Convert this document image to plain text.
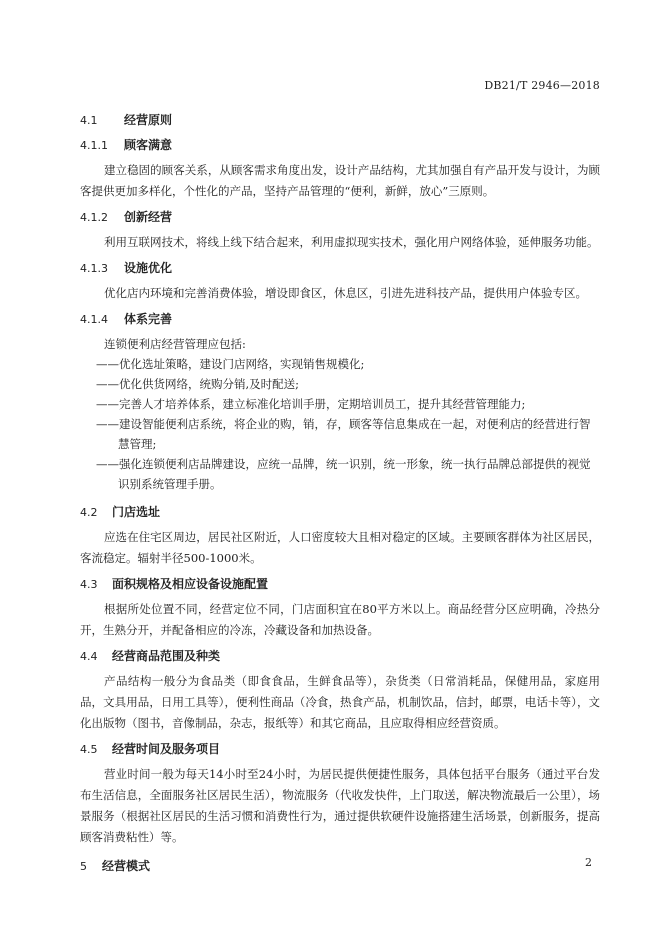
DB21/T 2946—2018

4.1 经营原则

4.1.1 顾客满意

建立稳固的顾客关系，从顾客需求角度出发，设计产品结构，尤其加强自有产品开发与设计，为顾客提供更加多样化，个性化的产品，坚持产品管理的“便利，新鲜，放心”三原则。

4.1.2 创新经营

利用互联网技术，将线上线下结合起来，利用虚拟现实技术，强化用户网络体验，延伸服务功能。

4.1.3 设施优化

优化店内环境和完善消费体验，增设即食区，休息区，引进先进科技产品，提供用户体验专区。

4.1.4 体系完善

连锁便利店经营管理应包括:
——优化选址策略，建设门店网络，实现销售规模化;
——优化供货网络，统购分销,及时配送;
——完善人才培养体系，建立标准化培训手册，定期培训员工，提升其经营管理能力;
——建设智能便利店系统，将企业的购，销，存，顾客等信息集成在一起，对便利店的经营进行智慧管理;
——强化连锁便利店品牌建设，应统一品牌，统一识别，统一形象，统一执行品牌总部提供的视觉识别系统管理手册。

4.2 门店选址

应选在住宅区周边，居民社区附近，人口密度较大且相对稳定的区域。主要顾客群体为社区居民，客流稳定。辐射半径500-1000米。

4.3 面积规格及相应设备设施配置

根据所处位置不同，经营定位不同，门店面积宜在80平方米以上。商品经营分区应明确，冷热分开，生熟分开，并配备相应的冷冻，冷藏设备和加热设备。

4.4 经营商品范围及种类

产品结构一般分为食品类（即食食品，生鲜食品等），杂货类（日常消耗品，保健用品，家庭用品，文具用品，日用工具等），便利性商品（冷食，热食产品，机制饮品，信封，邮票，电话卡等），文化出版物（图书，音像制品，杂志，报纸等）和其它商品，且应取得相应经营资质。

4.5 经营时间及服务项目

营业时间一般为每天14小时至24小时，为居民提供便捷性服务，具体包括平台服务（通过平台发布生活信息，全面服务社区居民生活），物流服务（代收发快件，上门取送，解决物流最后一公里），场景服务（根据社区居民的生活习惯和消费性行为，通过提供软硬件设施搭建生活场景，创新服务，提高顾客消费粘性）等。

5 经营模式	2
